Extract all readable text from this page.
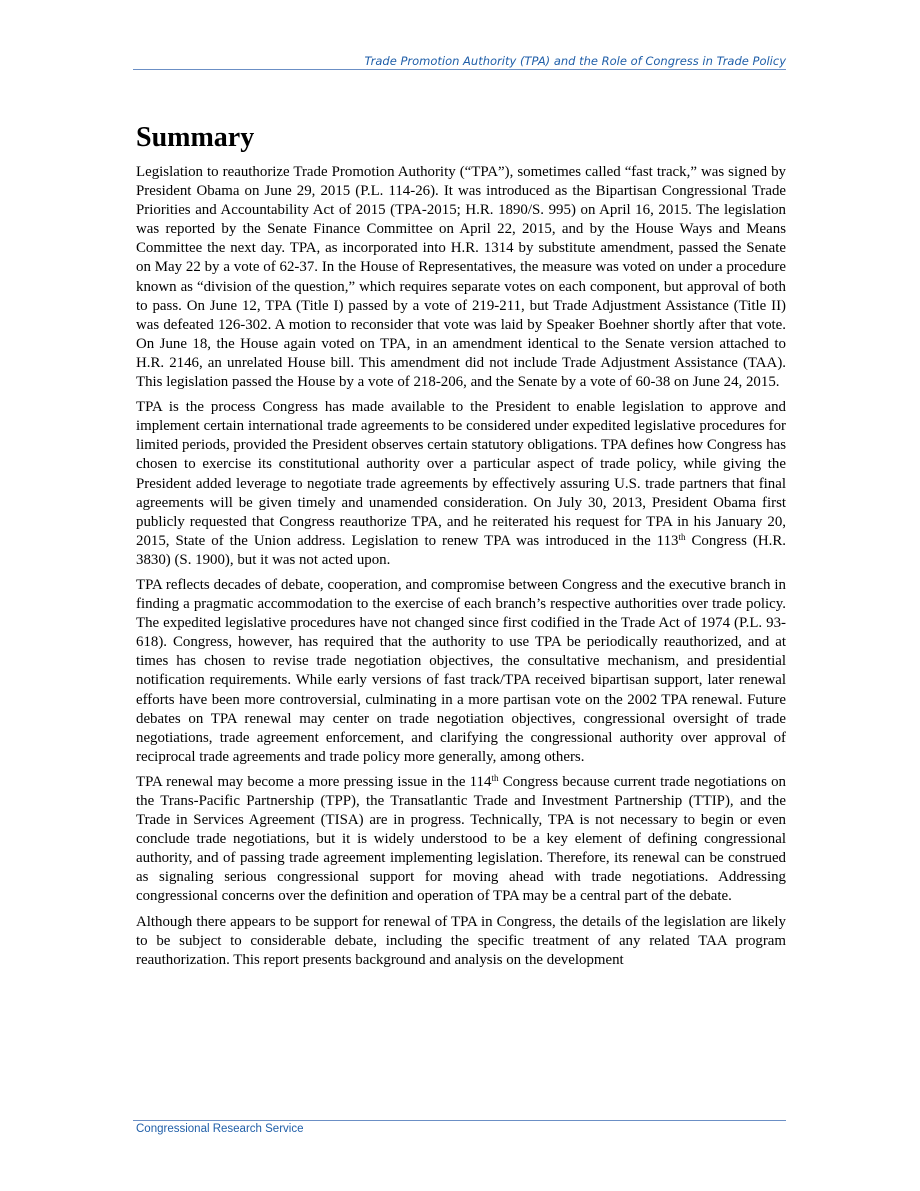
Trade Promotion Authority (TPA) and the Role of Congress in Trade Policy
Summary

Legislation to reauthorize Trade Promotion Authority (“TPA”), sometimes called “fast track,” was signed by President Obama on June 29, 2015 (P.L. 114-26). It was introduced as the Bipartisan Congressional Trade Priorities and Accountability Act of 2015 (TPA-2015; H.R. 1890/S. 995) on April 16, 2015. The legislation was reported by the Senate Finance Committee on April 22, 2015, and by the House Ways and Means Committee the next day. TPA, as incorporated into H.R. 1314 by substitute amendment, passed the Senate on May 22 by a vote of 62-37. In the House of Representatives, the measure was voted on under a procedure known as “division of the question,” which requires separate votes on each component, but approval of both to pass. On June 12, TPA (Title I) passed by a vote of 219-211, but Trade Adjustment Assistance (Title II) was defeated 126-302. A motion to reconsider that vote was laid by Speaker Boehner shortly after that vote. On June 18, the House again voted on TPA, in an amendment identical to the Senate version attached to H.R. 2146, an unrelated House bill. This amendment did not include Trade Adjustment Assistance (TAA). This legislation passed the House by a vote of 218-206, and the Senate by a vote of 60-38 on June 24, 2015.

TPA is the process Congress has made available to the President to enable legislation to approve and implement certain international trade agreements to be considered under expedited legislative procedures for limited periods, provided the President observes certain statutory obligations. TPA defines how Congress has chosen to exercise its constitutional authority over a particular aspect of trade policy, while giving the President added leverage to negotiate trade agreements by effectively assuring U.S. trade partners that final agreements will be given timely and unamended consideration. On July 30, 2013, President Obama first publicly requested that Congress reauthorize TPA, and he reiterated his request for TPA in his January 20, 2015, State of the Union address. Legislation to renew TPA was introduced in the 113th Congress (H.R. 3830) (S. 1900), but it was not acted upon.

TPA reflects decades of debate, cooperation, and compromise between Congress and the executive branch in finding a pragmatic accommodation to the exercise of each branch’s respective authorities over trade policy. The expedited legislative procedures have not changed since first codified in the Trade Act of 1974 (P.L. 93-618). Congress, however, has required that the authority to use TPA be periodically reauthorized, and at times has chosen to revise trade negotiation objectives, the consultative mechanism, and presidential notification requirements. While early versions of fast track/TPA received bipartisan support, later renewal efforts have been more controversial, culminating in a more partisan vote on the 2002 TPA renewal. Future debates on TPA renewal may center on trade negotiation objectives, congressional oversight of trade negotiations, trade agreement enforcement, and clarifying the congressional authority over approval of reciprocal trade agreements and trade policy more generally, among others.

TPA renewal may become a more pressing issue in the 114th Congress because current trade negotiations on the Trans-Pacific Partnership (TPP), the Transatlantic Trade and Investment Partnership (TTIP), and the Trade in Services Agreement (TISA) are in progress. Technically, TPA is not necessary to begin or even conclude trade negotiations, but it is widely understood to be a key element of defining congressional authority, and of passing trade agreement implementing legislation. Therefore, its renewal can be construed as signaling serious congressional support for moving ahead with trade negotiations. Addressing congressional concerns over the definition and operation of TPA may be a central part of the debate.

Although there appears to be support for renewal of TPA in Congress, the details of the legislation are likely to be subject to considerable debate, including the specific treatment of any related TAA program reauthorization. This report presents background and analysis on the development

Congressional Research Service
